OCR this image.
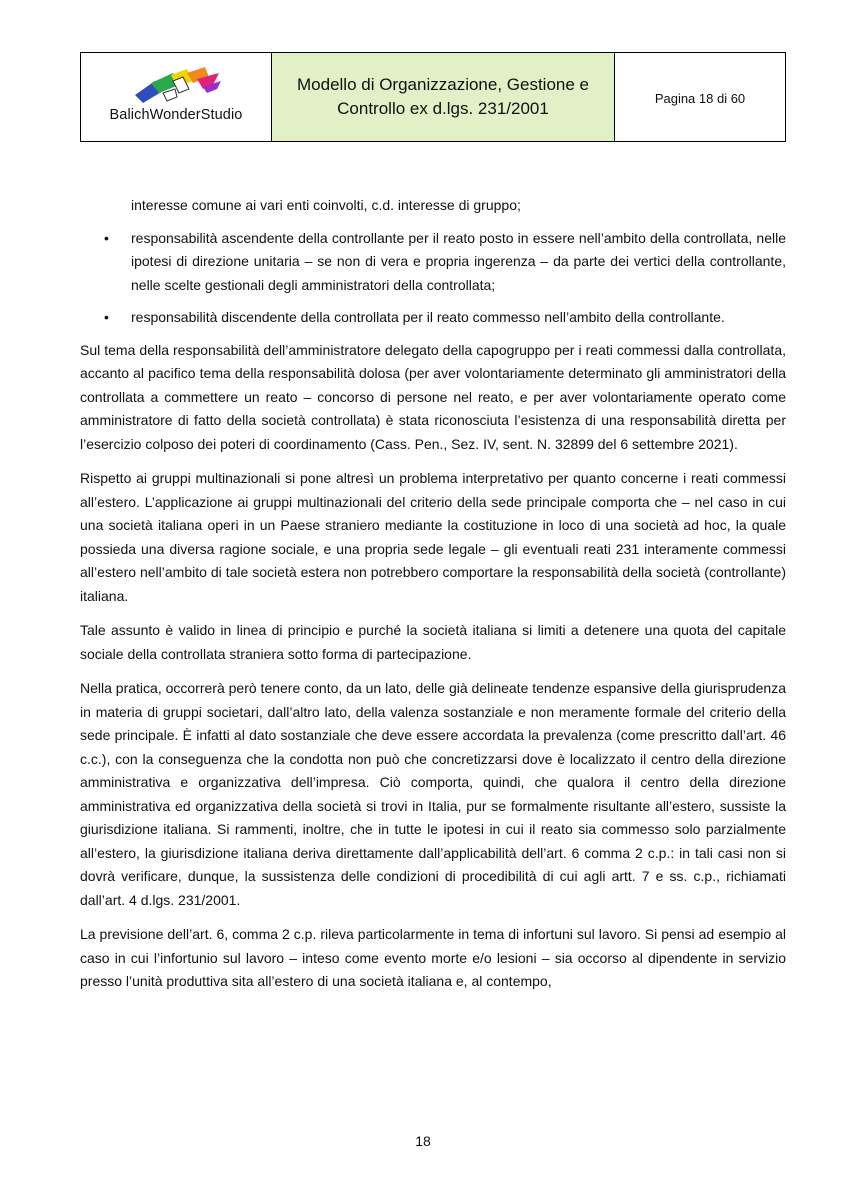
BalichWonderStudio
Modello di Organizzazione, Gestione e
Controllo ex d.lgs. 231/2001
Pagina 18 di 60

interesse comune ai vari enti coinvolti, c.d. interesse di gruppo;

• responsabilità ascendente della controllante per il reato posto in essere nell’ambito della controllata, nelle ipotesi di direzione unitaria – se non di vera e propria ingerenza – da parte dei vertici della controllante, nelle scelte gestionali degli amministratori della controllata;
• responsabilità discendente della controllata per il reato commesso nell’ambito della controllante.

Sul tema della responsabilità dell’amministratore delegato della capogruppo per i reati commessi dalla controllata, accanto al pacifico tema della responsabilità dolosa (per aver volontariamente determinato gli amministratori della controllata a commettere un reato – concorso di persone nel reato, e per aver volontariamente operato come amministratore di fatto della società controllata) è stata riconosciuta l’esistenza di una responsabilità diretta per l’esercizio colposo dei poteri di coordinamento (Cass. Pen., Sez. IV, sent. N. 32899 del 6 settembre 2021).

Rispetto ai gruppi multinazionali si pone altresì un problema interpretativo per quanto concerne i reati commessi all’estero. L’applicazione ai gruppi multinazionali del criterio della sede principale comporta che – nel caso in cui una società italiana operi in un Paese straniero mediante la costituzione in loco di una società ad hoc, la quale possieda una diversa ragione sociale, e una propria sede legale – gli eventuali reati 231 interamente commessi all’estero nell’ambito di tale società estera non potrebbero comportare la responsabilità della società (controllante) italiana.

Tale assunto è valido in linea di principio e purché la società italiana si limiti a detenere una quota del capitale sociale della controllata straniera sotto forma di partecipazione.

Nella pratica, occorrerà però tenere conto, da un lato, delle già delineate tendenze espansive della giurisprudenza in materia di gruppi societari, dall’altro lato, della valenza sostanziale e non meramente formale del criterio della sede principale. È infatti al dato sostanziale che deve essere accordata la prevalenza (come prescritto dall’art. 46 c.c.), con la conseguenza che la condotta non può che concretizzarsi dove è localizzato il centro della direzione amministrativa e organizzativa dell’impresa. Ciò comporta, quindi, che qualora il centro della direzione amministrativa ed organizzativa della società si trovi in Italia, pur se formalmente risultante all’estero, sussiste la giurisdizione italiana. Si rammenti, inoltre, che in tutte le ipotesi in cui il reato sia commesso solo parzialmente all’estero, la giurisdizione italiana deriva direttamente dall’applicabilità dell’art. 6 comma 2 c.p.: in tali casi non si dovrà verificare, dunque, la sussistenza delle condizioni di procedibilità di cui agli artt. 7 e ss. c.p., richiamati dall’art. 4 d.lgs. 231/2001.

La previsione dell’art. 6, comma 2 c.p. rileva particolarmente in tema di infortuni sul lavoro. Si pensi ad esempio al caso in cui l’infortunio sul lavoro – inteso come evento morte e/o lesioni – sia occorso al dipendente in servizio presso l’unità produttiva sita all’estero di una società italiana e, al contempo,

18
